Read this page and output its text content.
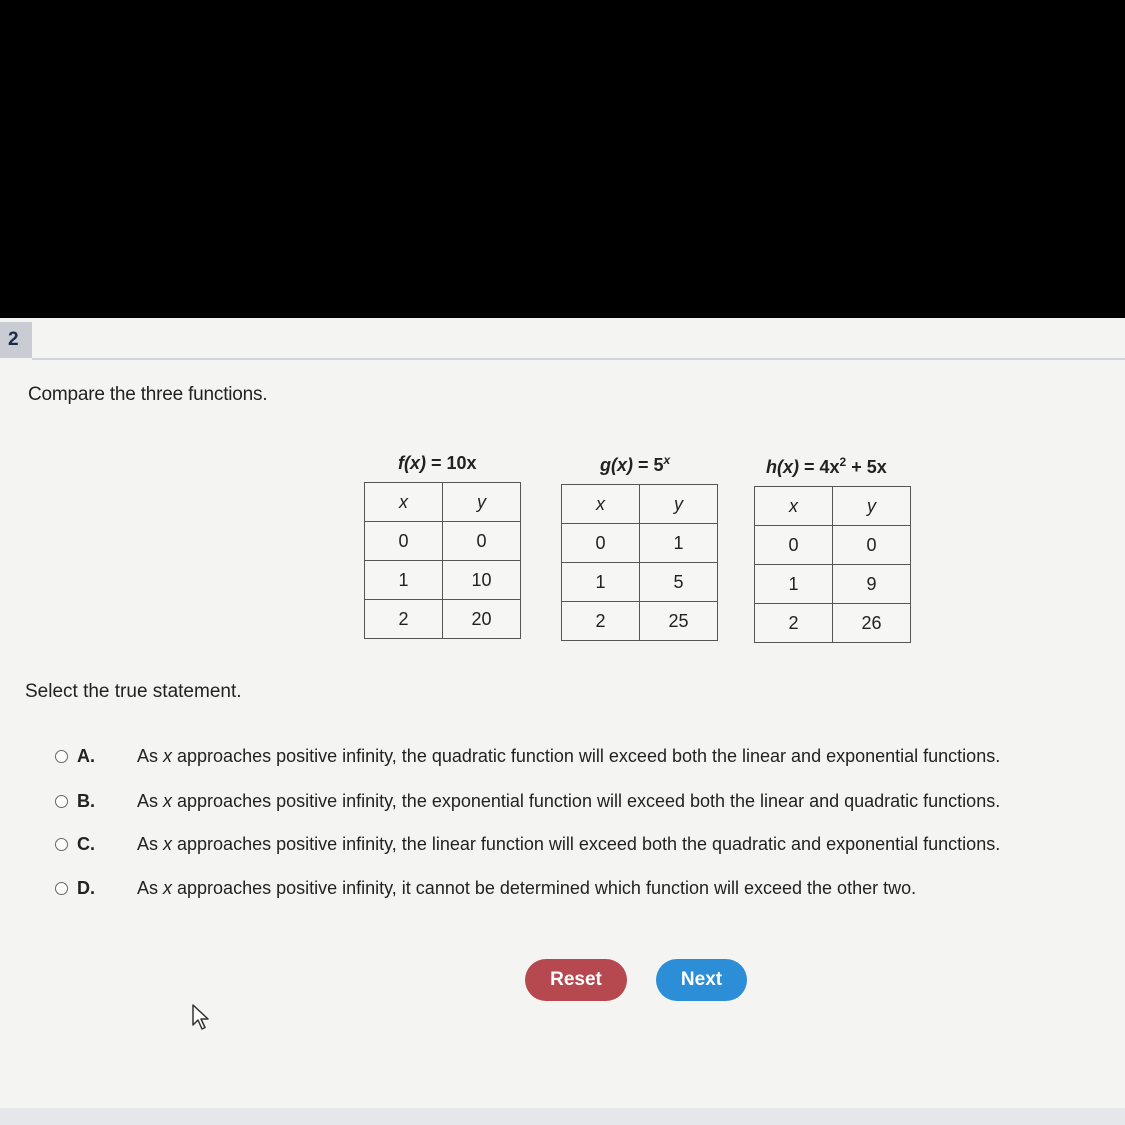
2
Compare the three functions.
f(x) = 10x
x	y
0	0
1	10
2	20
$g(x) = 5^x$
x	y
0	1
1	5
2	25
$h(x) = 4x^2 + 5x$
x	y
0	0
1	9
2	26
Select the true statement.
A.	As x approaches positive infinity, the quadratic function will exceed both the linear and exponential functions.
B.	As x approaches positive infinity, the exponential function will exceed both the linear and quadratic functions.
C.	As x approaches positive infinity, the linear function will exceed both the quadratic and exponential functions.
D.	As x approaches positive infinity, it cannot be determined which function will exceed the other two.
Reset	Next
